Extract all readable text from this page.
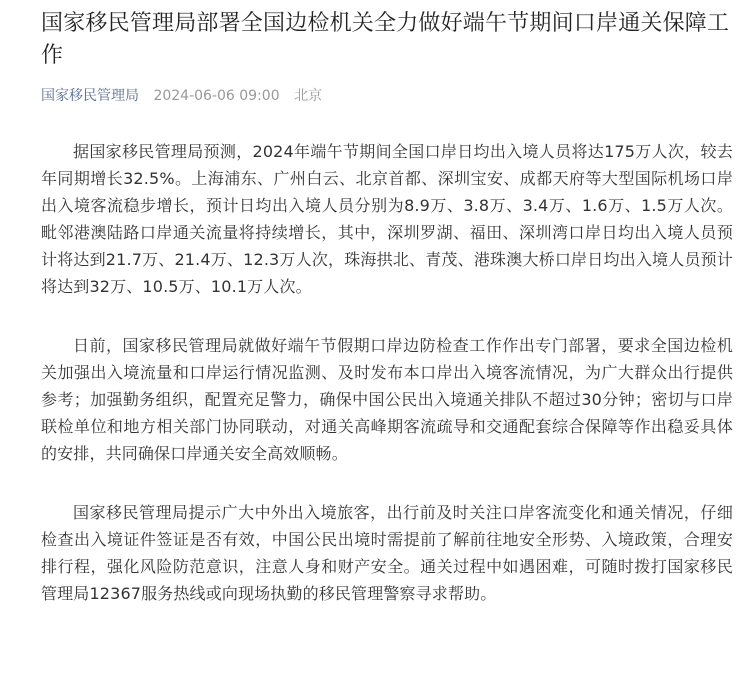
国家移民管理局部署全国边检机关全力做好端午节期间口岸通关保障工作
国家移民管理局 2024-06-06 09:00 北京

据国家移民管理局预测，2024年端午节期间全国口岸日均出入境人员将达175万人次，较去年同期增长32.5%。上海浦东、广州白云、北京首都、深圳宝安、成都天府等大型国际机场口岸出入境客流稳步增长，预计日均出入境人员分别为8.9万、3.8万、3.4万、1.6万、1.5万人次。毗邻港澳陆路口岸通关流量将持续增长，其中，深圳罗湖、福田、深圳湾口岸日均出入境人员预计将达到21.7万、21.4万、12.3万人次，珠海拱北、青茂、港珠澳大桥口岸日均出入境人员预计将达到32万、10.5万、10.1万人次。

日前，国家移民管理局就做好端午节假期口岸边防检查工作作出专门部署，要求全国边检机关加强出入境流量和口岸运行情况监测、及时发布本口岸出入境客流情况，为广大群众出行提供参考；加强勤务组织，配置充足警力，确保中国公民出入境通关排队不超过30分钟；密切与口岸联检单位和地方相关部门协同联动，对通关高峰期客流疏导和交通配套综合保障等作出稳妥具体的安排，共同确保口岸通关安全高效顺畅。

国家移民管理局提示广大中外出入境旅客，出行前及时关注口岸客流变化和通关情况，仔细检查出入境证件签证是否有效，中国公民出境时需提前了解前往地安全形势、入境政策，合理安排行程，强化风险防范意识，注意人身和财产安全。通关过程中如遇困难，可随时拨打国家移民管理局12367服务热线或向现场执勤的移民管理警察寻求帮助。
